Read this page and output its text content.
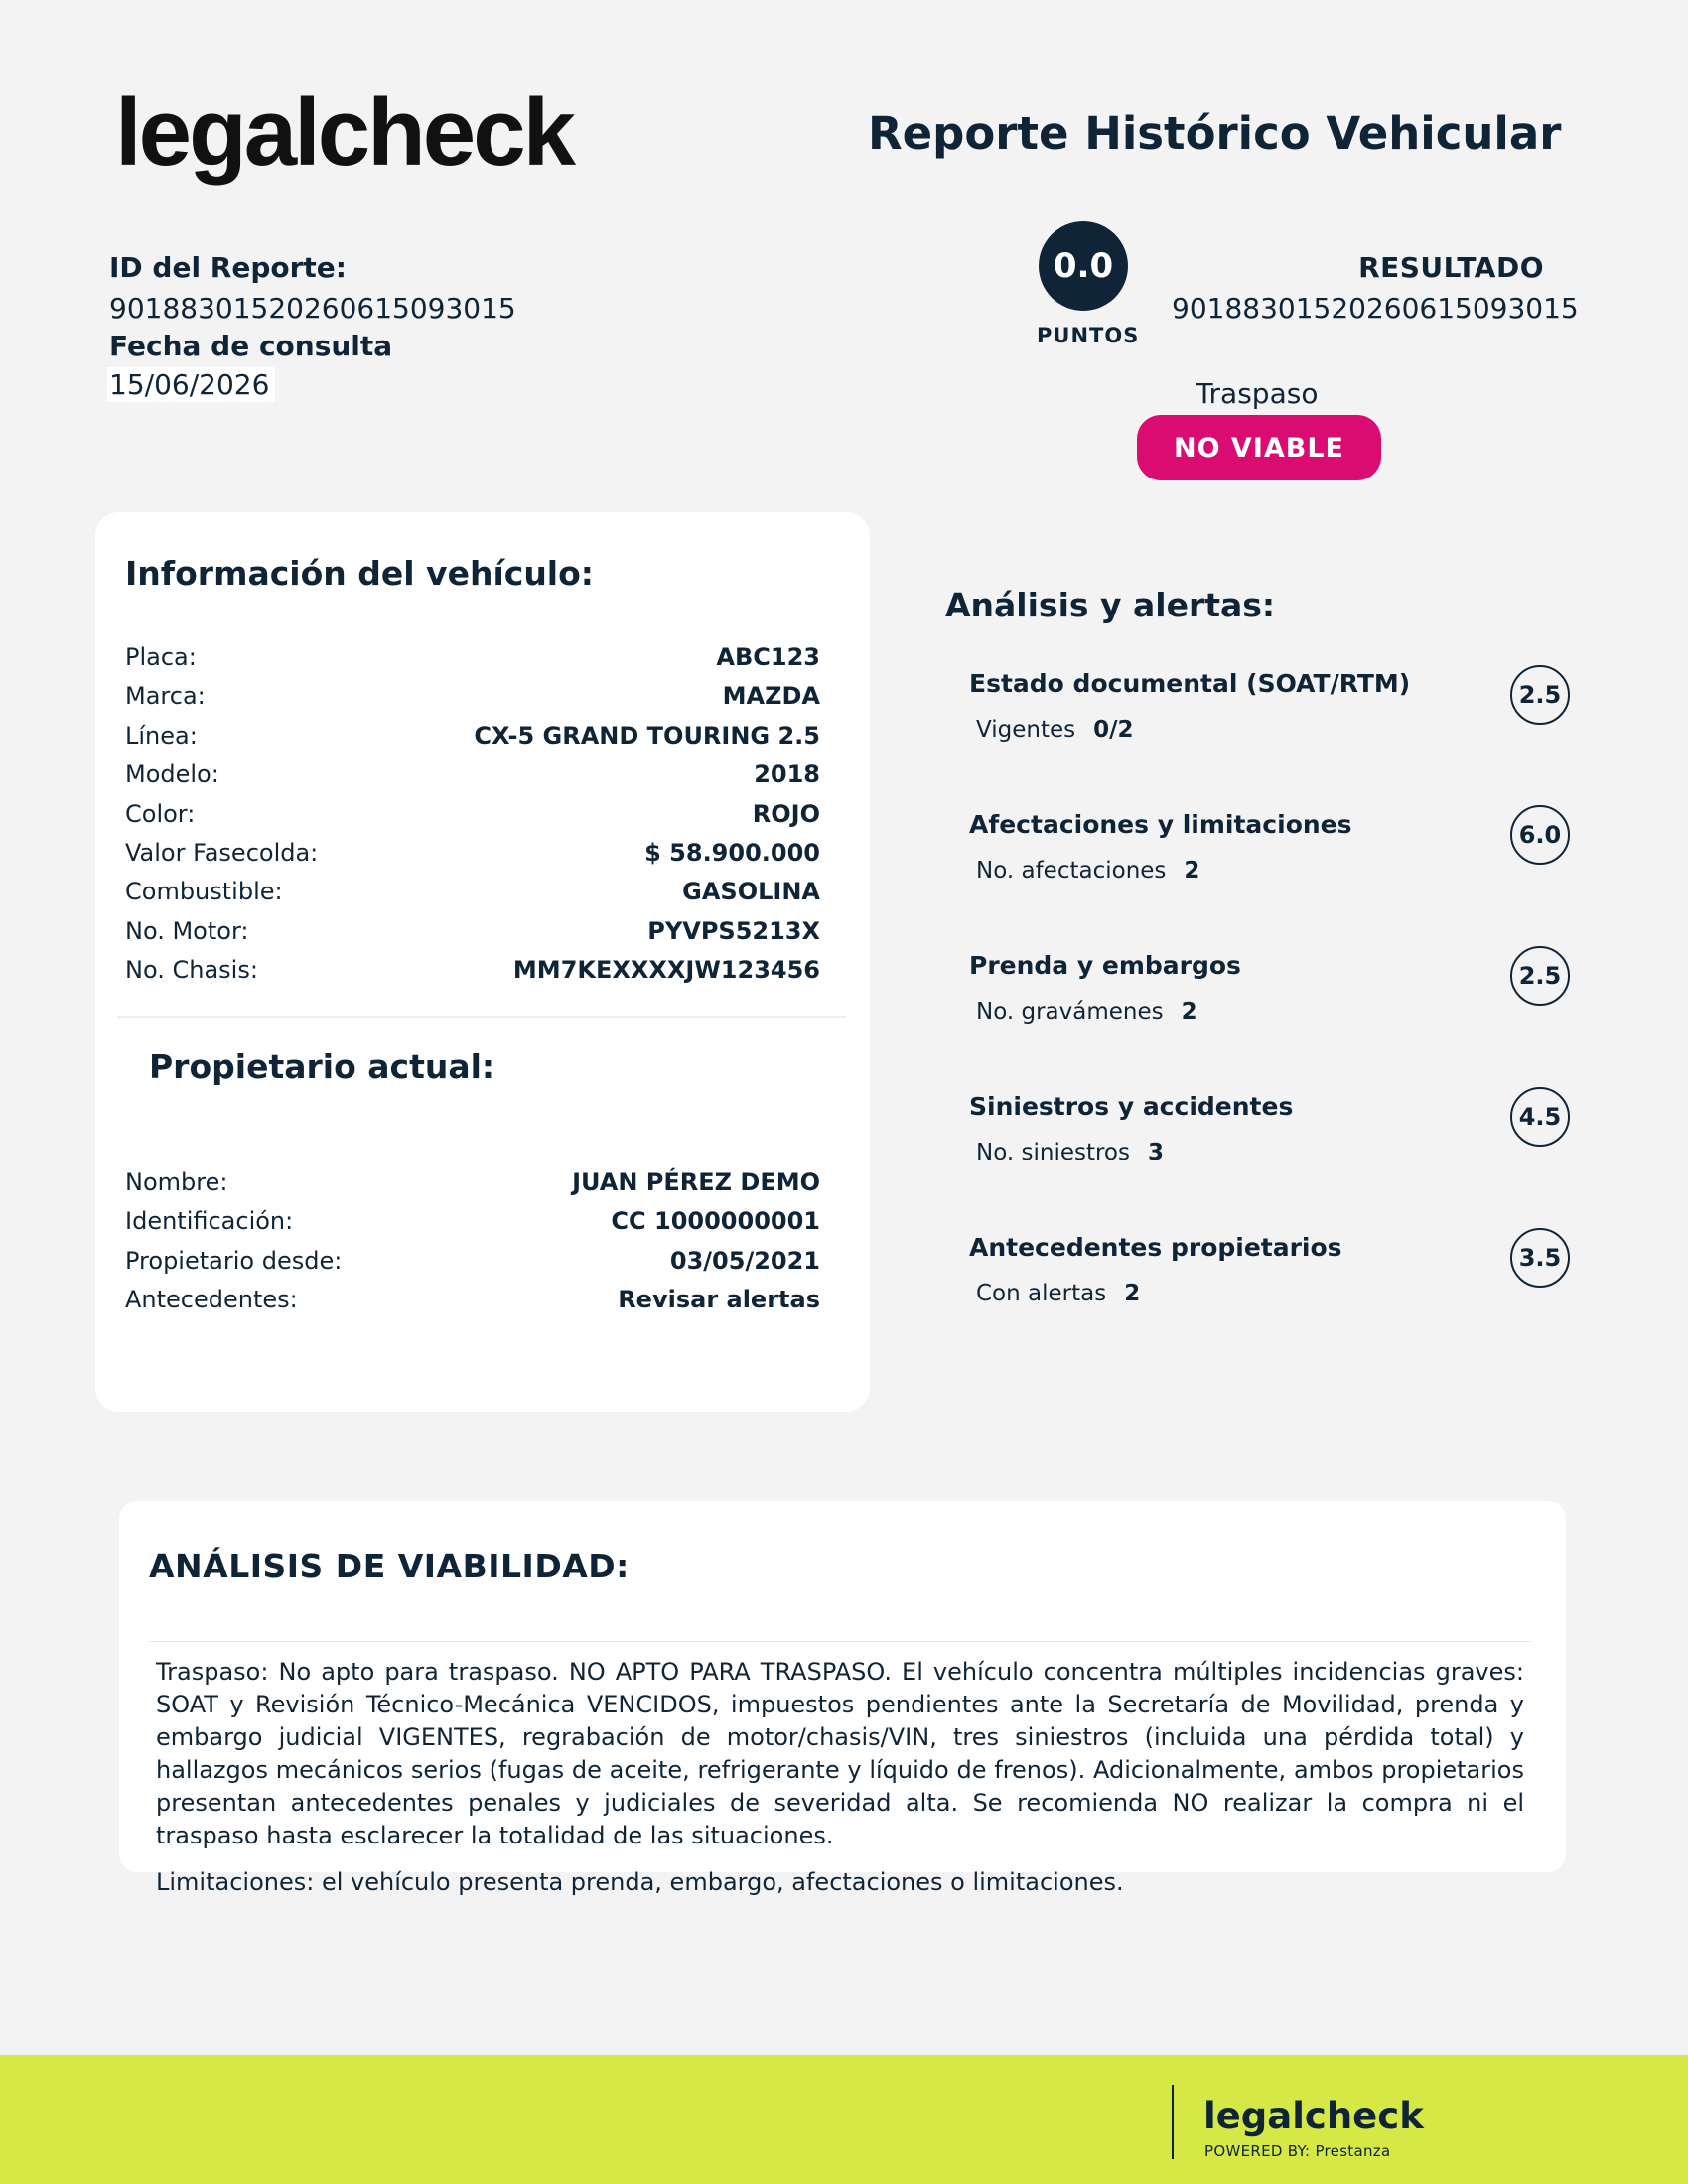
legalcheck	Reporte Histórico Vehicular
ID del Reporte:
90188301520260615093015
Fecha de consulta
15/06/2026
0.0
PUNTOS
RESULTADO
90188301520260615093015
Traspaso
NO VIABLE
Información del vehículo:
Placa:	ABC123
Marca:	MAZDA
Línea:	CX-5 GRAND TOURING 2.5
Modelo:	2018
Color:	ROJO
Valor Fasecolda:	$ 58.900.000
Combustible:	GASOLINA
No. Motor:	PYVPS5213X
No. Chasis:	MM7KEXXXXJW123456
Propietario actual:
Nombre:	JUAN PÉREZ DEMO
Identificación:	CC 1000000001
Propietario desde:	03/05/2021
Antecedentes:	Revisar alertas
Análisis y alertas:
Estado documental (SOAT/RTM)
Vigentes 0/2
2.5
Afectaciones y limitaciones
No. afectaciones 2
6.0
Prenda y embargos
No. gravámenes 2
2.5
Siniestros y accidentes
No. siniestros 3
4.5
Antecedentes propietarios
Con alertas 2
3.5
ANÁLISIS DE VIABILIDAD:
Traspaso: No apto para traspaso. NO APTO PARA TRASPASO. El vehículo concentra múltiples incidencias graves: SOAT y Revisión Técnico-Mecánica VENCIDOS, impuestos pendientes ante la Secretaría de Movilidad, prenda y embargo judicial VIGENTES, regrabación de motor/chasis/VIN, tres siniestros (incluida una pérdida total) y hallazgos mecánicos serios (fugas de aceite, refrigerante y líquido de frenos). Adicionalmente, ambos propietarios presentan antecedentes penales y judiciales de severidad alta. Se recomienda NO realizar la compra ni el traspaso hasta esclarecer la totalidad de las situaciones.
Limitaciones: el vehículo presenta prenda, embargo, afectaciones o limitaciones.
legalcheck
POWERED BY: Prestanza
